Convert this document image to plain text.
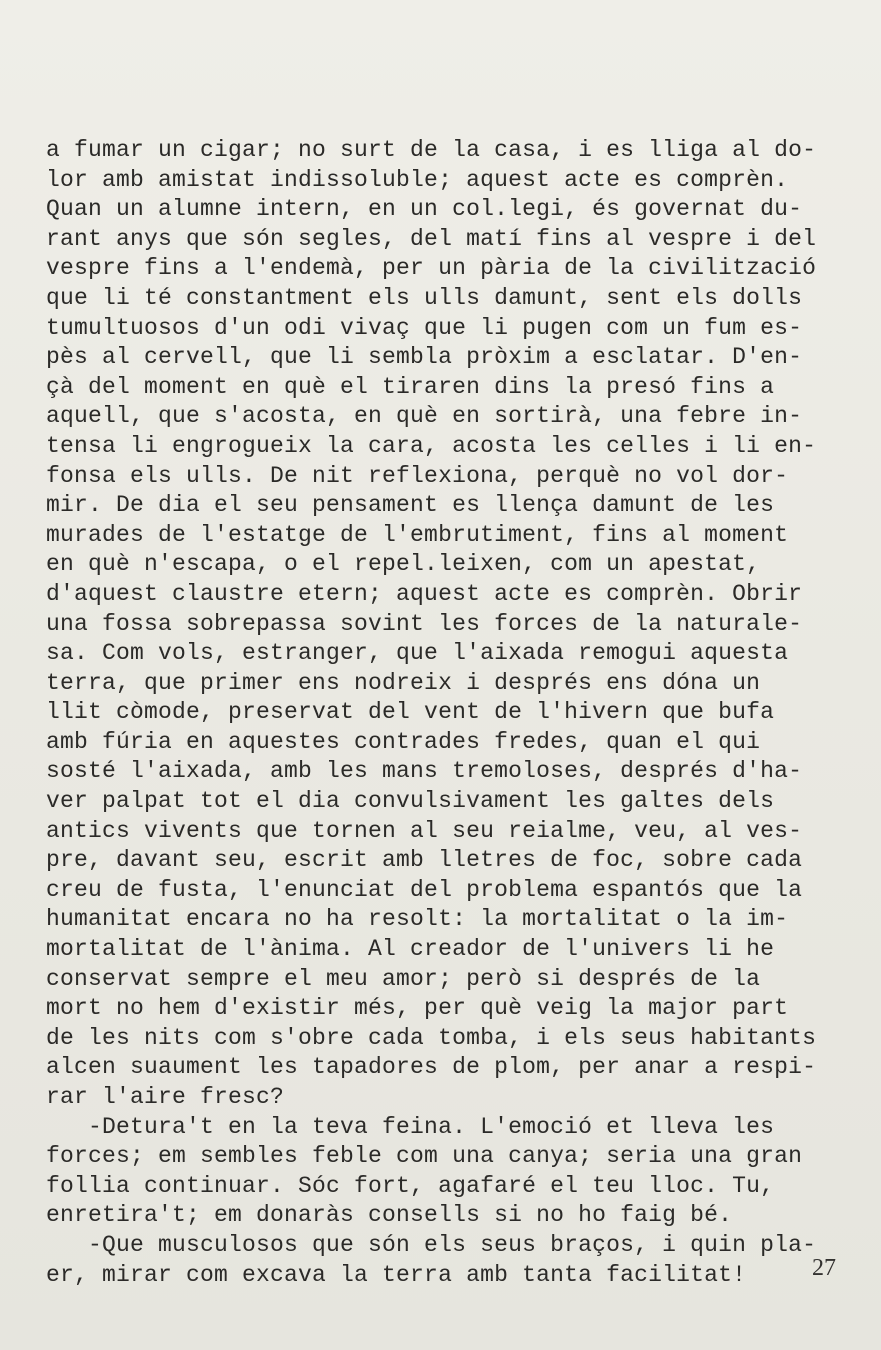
a fumar un cigar; no surt de la casa, i es lliga al do-
lor amb amistat indissoluble; aquest acte es comprèn.
Quan un alumne intern, en un col.legi, és governat du-
rant anys que són segles, del matí fins al vespre i del
vespre fins a l'endemà, per un pària de la civilització
que li té constantment els ulls damunt, sent els dolls
tumultuosos d'un odi vivaç que li pugen com un fum es-
pès al cervell, que li sembla pròxim a esclatar. D'en-
çà del moment en què el tiraren dins la presó fins a
aquell, que s'acosta, en què en sortirà, una febre in-
tensa li engrogueix la cara, acosta les celles i li en-
fonsa els ulls. De nit reflexiona, perquè no vol dor-
mir. De dia el seu pensament es llença damunt de les
murades de l'estatge de l'embrutiment, fins al moment
en què n'escapa, o el repel.leixen, com un apestat,
d'aquest claustre etern; aquest acte es comprèn. Obrir
una fossa sobrepassa sovint les forces de la naturale-
sa. Com vols, estranger, que l'aixada remogui aquesta
terra, que primer ens nodreix i després ens dóna un
llit còmode, preservat del vent de l'hivern que bufa
amb fúria en aquestes contrades fredes, quan el qui
sosté l'aixada, amb les mans tremoloses, després d'ha-
ver palpat tot el dia convulsivament les galtes dels
antics vivents que tornen al seu reialme, veu, al ves-
pre, davant seu, escrit amb lletres de foc, sobre cada
creu de fusta, l'enunciat del problema espantós que la
humanitat encara no ha resolt: la mortalitat o la im-
mortalitat de l'ànima. Al creador de l'univers li he
conservat sempre el meu amor; però si després de la
mort no hem d'existir més, per què veig la major part
de les nits com s'obre cada tomba, i els seus habitants
alcen suaument les tapadores de plom, per anar a respi-
rar l'aire fresc?
-Detura't en la teva feina. L'emoció et lleva les
forces; em sembles feble com una canya; seria una gran
follia continuar. Sóc fort, agafaré el teu lloc. Tu,
enretira't; em donaràs consells si no ho faig bé.
-Que musculosos que són els seus braços, i quin pla-
er, mirar com excava la terra amb tanta facilitat!	27
